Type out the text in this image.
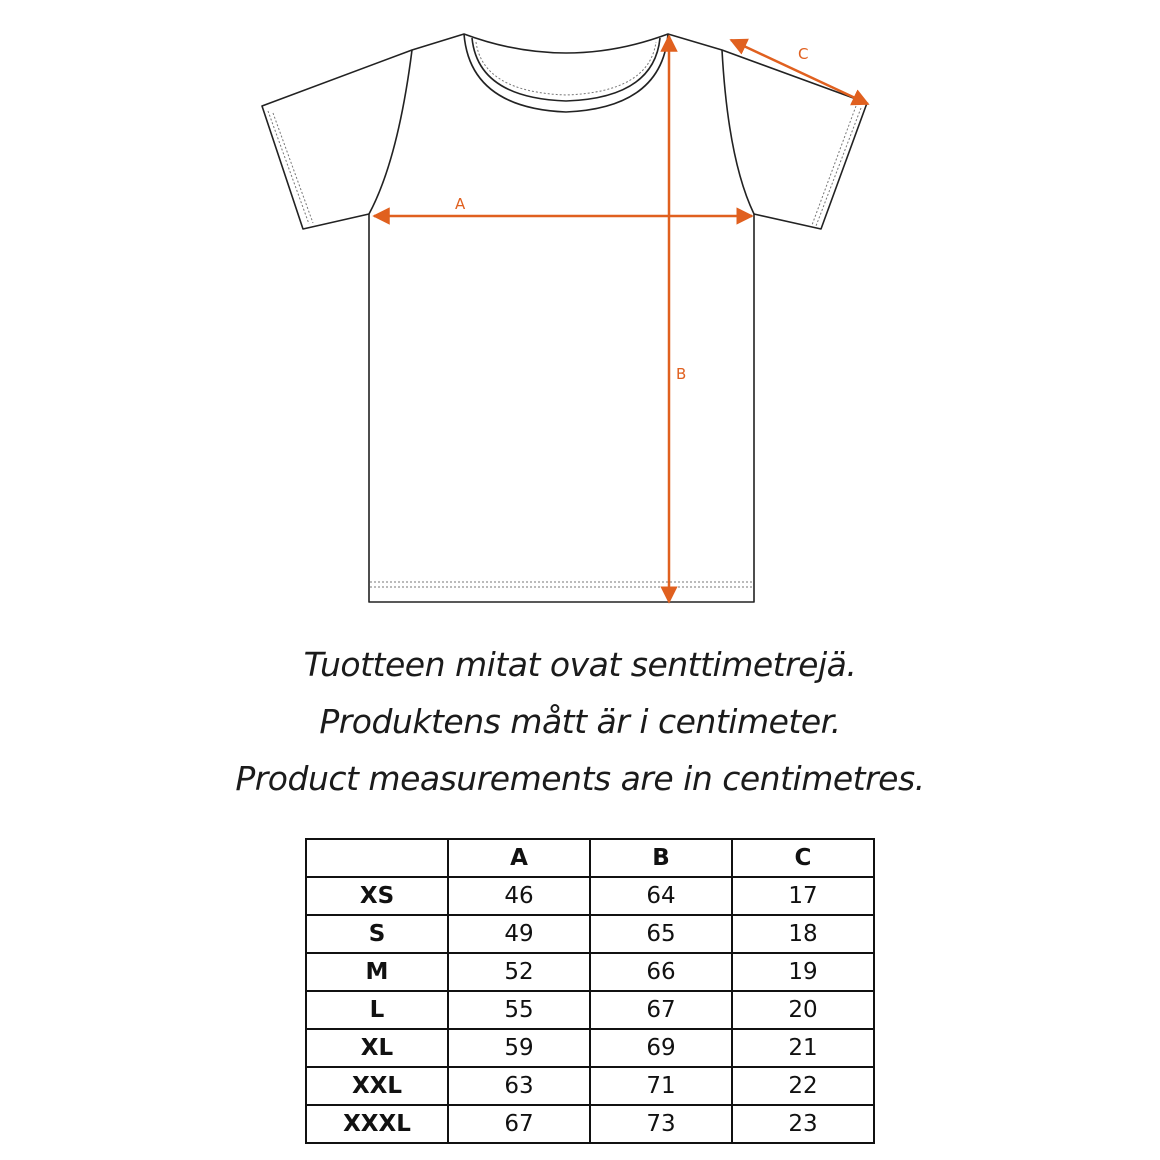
A
B
C
Tuotteen mitat ovat senttimetrejä.
Produktens mått är i centimeter.
Product measurements are in centimetres.
	A	B	C
XS	46	64	17
S	49	65	18
M	52	66	19
L	55	67	20
XL	59	69	21
XXL	63	71	22
XXXL	67	73	23
